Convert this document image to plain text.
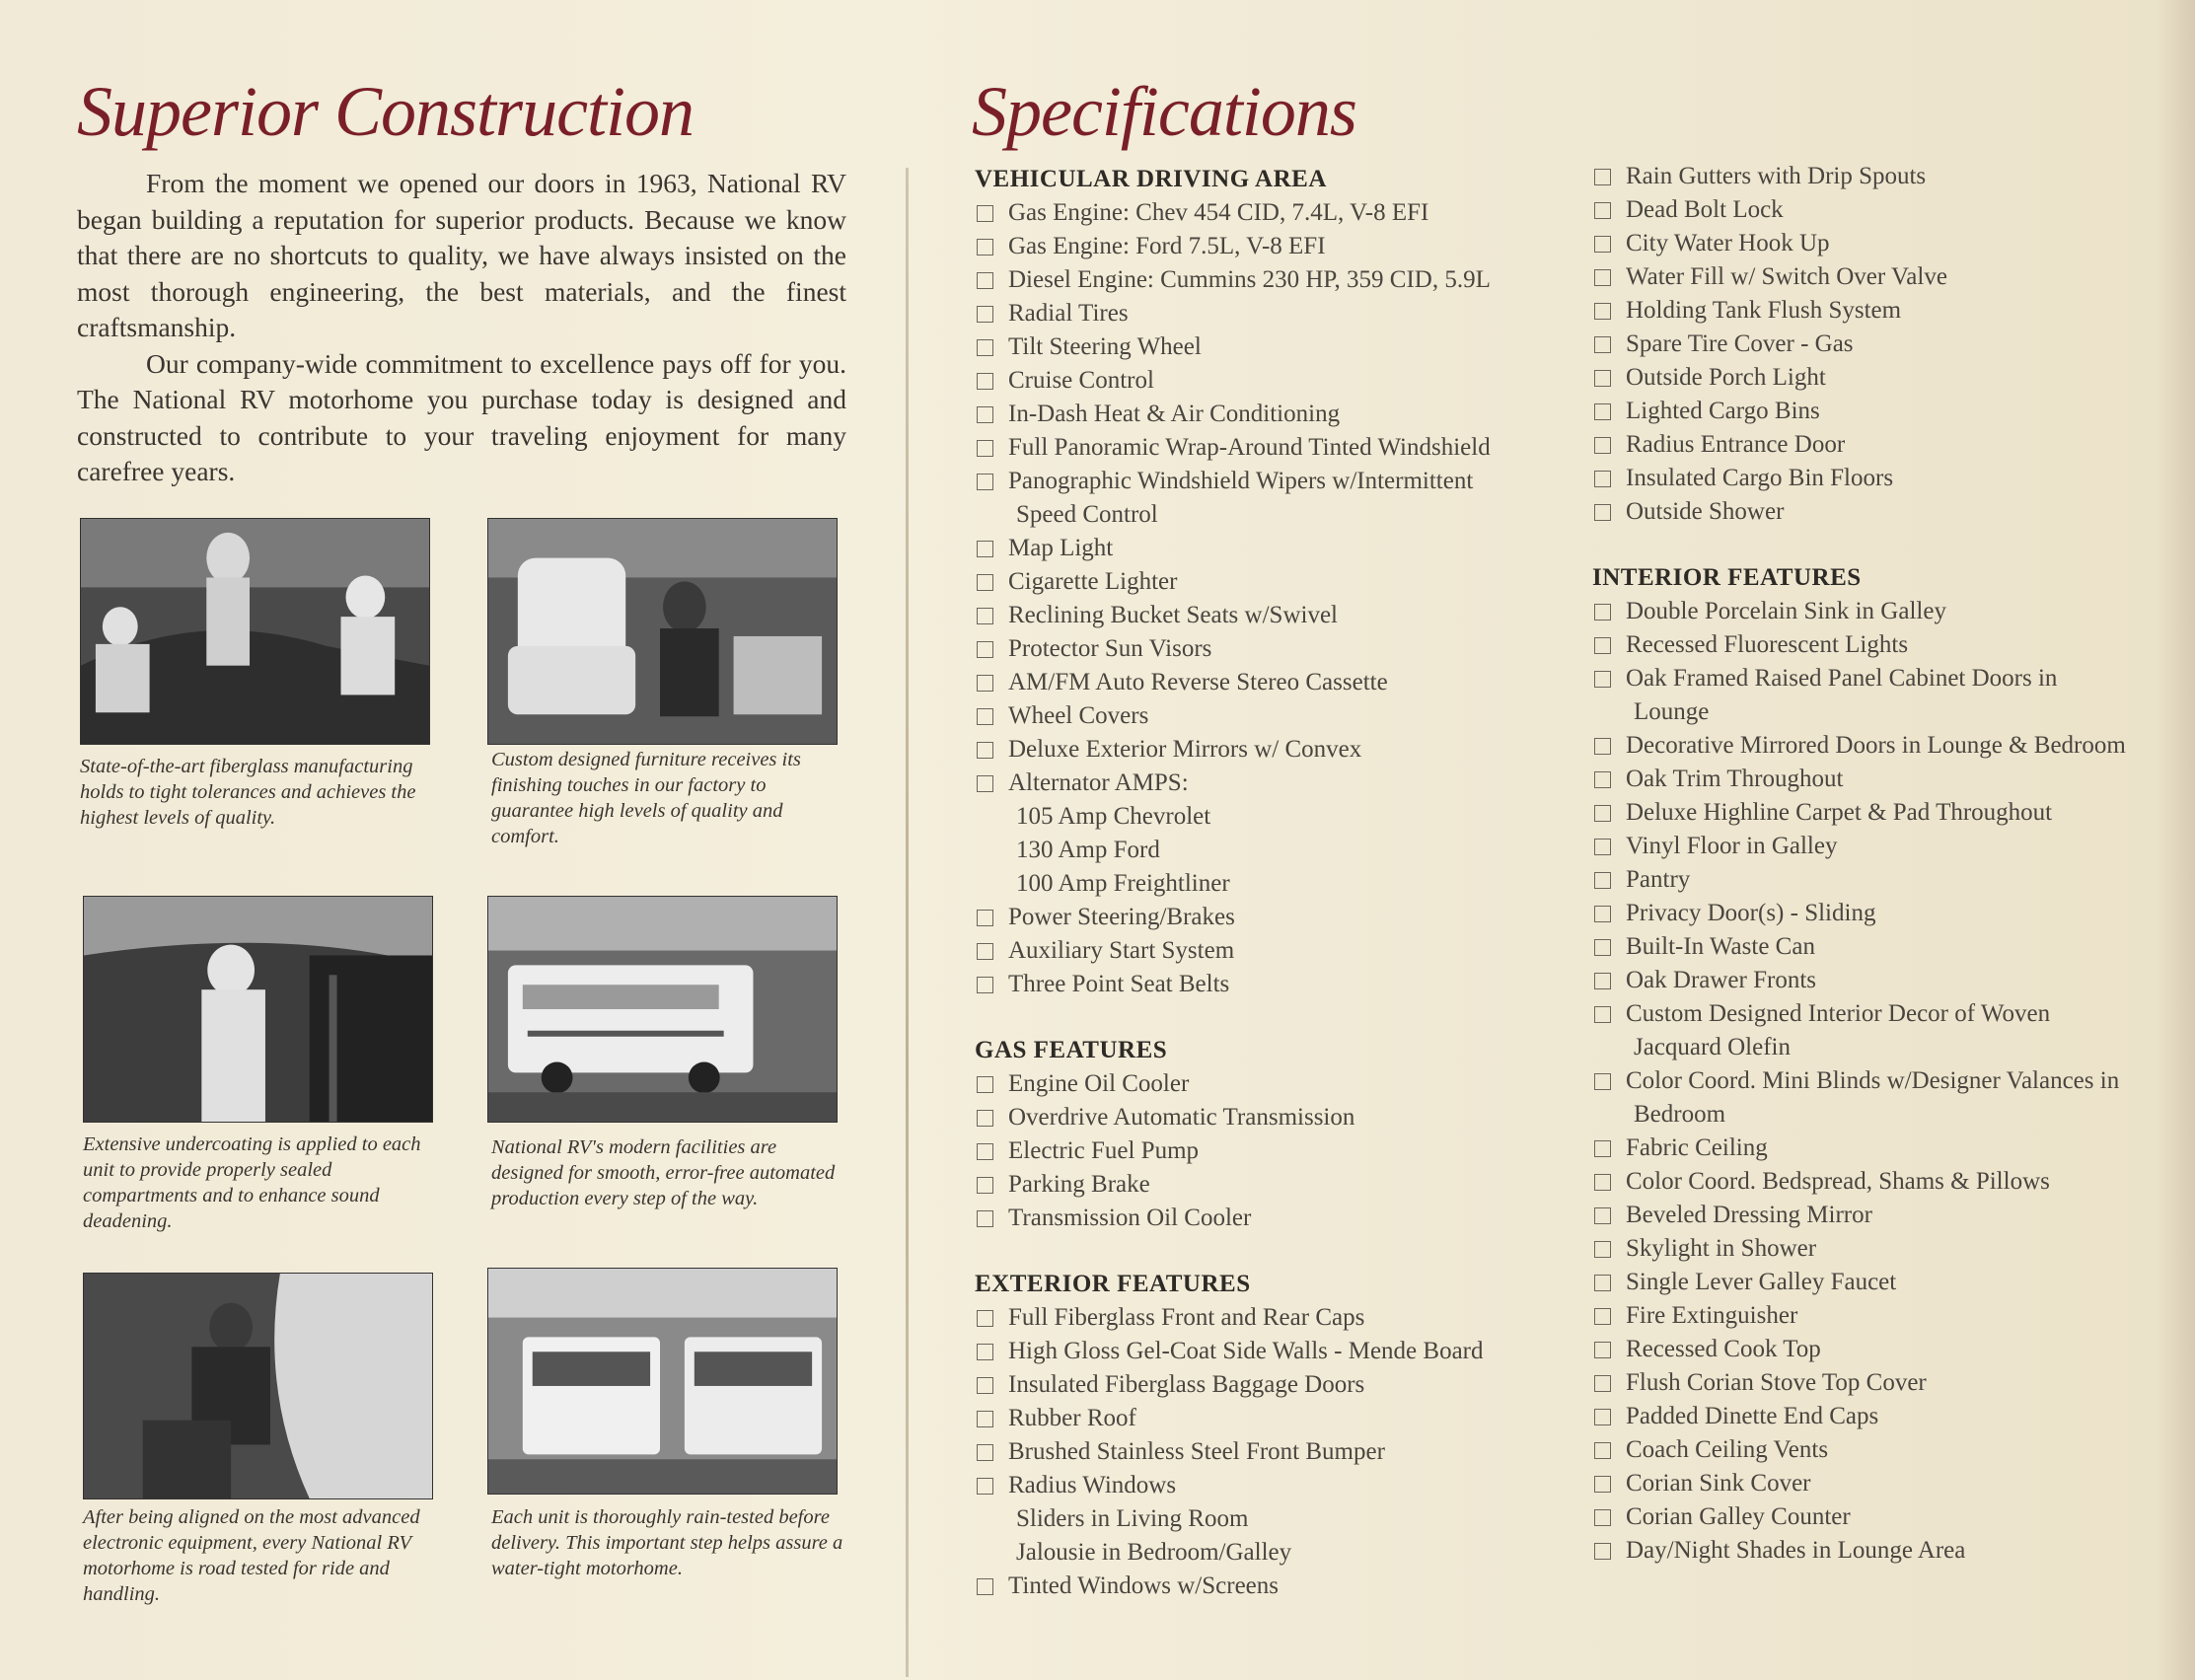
Superior Construction

From the moment we opened our doors in 1963, National RV began building a reputation for superior products. Because we know that there are no shortcuts to quality, we have always insisted on the most thorough engineering, the best materials, and the finest craftsmanship.

Our company-wide commitment to excellence pays off for you. The National RV motorhome you purchase today is designed and constructed to contribute to your traveling enjoyment for many carefree years.

State-of-the-art fiberglass manufacturing holds to tight tolerances and achieves the highest levels of quality.
Custom designed furniture receives its finishing touches in our factory to guarantee high levels of quality and comfort.
Extensive undercoating is applied to each unit to provide properly sealed compartments and to enhance sound deadening.
National RV's modern facilities are designed for smooth, error-free automated production every step of the way.
After being aligned on the most advanced electronic equipment, every National RV motorhome is road tested for ride and handling.
Each unit is thoroughly rain-tested before delivery. This important step helps assure a water-tight motorhome.
Specifications
VEHICULAR DRIVING AREA
Gas Engine: Chev 454 CID, 7.4L, V-8 EFI
Gas Engine: Ford 7.5L, V-8 EFI
Diesel Engine: Cummins 230 HP, 359 CID, 5.9L
Radial Tires
Tilt Steering Wheel
Cruise Control
In-Dash Heat & Air Conditioning
Full Panoramic Wrap-Around Tinted Windshield
Panographic Windshield Wipers w/Intermittent
Speed Control
Map Light
Cigarette Lighter
Reclining Bucket Seats w/Swivel
Protector Sun Visors
AM/FM Auto Reverse Stereo Cassette
Wheel Covers
Deluxe Exterior Mirrors w/ Convex
Alternator AMPS:
105 Amp Chevrolet
130 Amp Ford
100 Amp Freightliner
Power Steering/Brakes
Auxiliary Start System
Three Point Seat Belts
GAS FEATURES
Engine Oil Cooler
Overdrive Automatic Transmission
Electric Fuel Pump
Parking Brake
Transmission Oil Cooler
EXTERIOR FEATURES
Full Fiberglass Front and Rear Caps
High Gloss Gel-Coat Side Walls - Mende Board
Insulated Fiberglass Baggage Doors
Rubber Roof
Brushed Stainless Steel Front Bumper
Radius Windows
Sliders in Living Room
Jalousie in Bedroom/Galley
Tinted Windows w/Screens
Rain Gutters with Drip Spouts
Dead Bolt Lock
City Water Hook Up
Water Fill w/ Switch Over Valve
Holding Tank Flush System
Spare Tire Cover - Gas
Outside Porch Light
Lighted Cargo Bins
Radius Entrance Door
Insulated Cargo Bin Floors
Outside Shower
INTERIOR FEATURES
Double Porcelain Sink in Galley
Recessed Fluorescent Lights
Oak Framed Raised Panel Cabinet Doors in
Lounge
Decorative Mirrored Doors in Lounge & Bedroom
Oak Trim Throughout
Deluxe Highline Carpet & Pad Throughout
Vinyl Floor in Galley
Pantry
Privacy Door(s) - Sliding
Built-In Waste Can
Oak Drawer Fronts
Custom Designed Interior Decor of Woven
Jacquard Olefin
Color Coord. Mini Blinds w/Designer Valances in
Bedroom
Fabric Ceiling
Color Coord. Bedspread, Shams & Pillows
Beveled Dressing Mirror
Skylight in Shower
Single Lever Galley Faucet
Fire Extinguisher
Recessed Cook Top
Flush Corian Stove Top Cover
Padded Dinette End Caps
Coach Ceiling Vents
Corian Sink Cover
Corian Galley Counter
Day/Night Shades in Lounge Area
